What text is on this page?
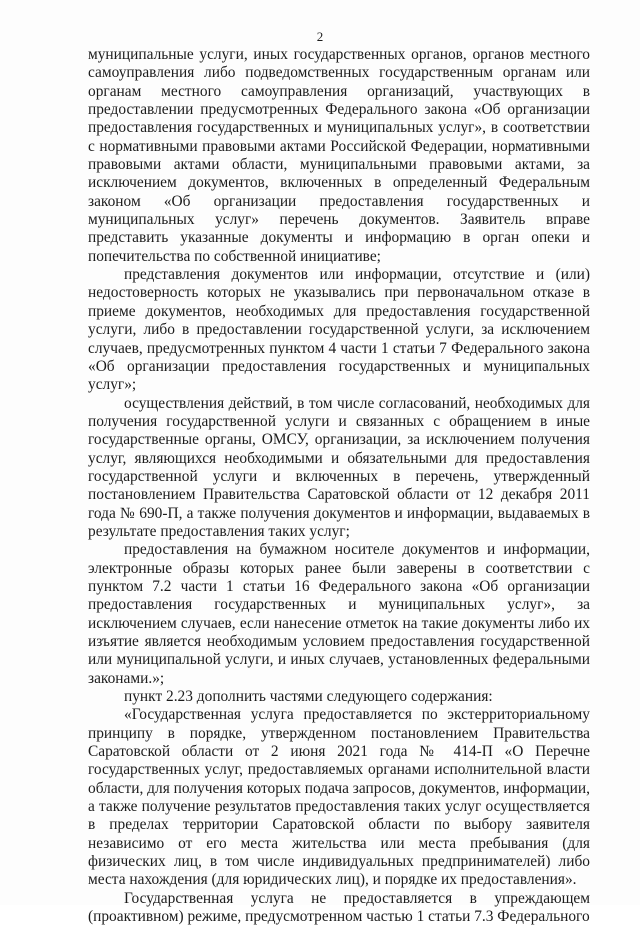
2

муниципальные услуги, иных государственных органов, органов местного самоуправления либо подведомственных государственным органам или органам местного самоуправления организаций, участвующих в предоставлении предусмотренных Федерального закона «Об организации предоставления государственных и муниципальных услуг», в соответствии с нормативными правовыми актами Российской Федерации, нормативными правовыми актами области, муниципальными правовыми актами, за исключением документов, включенных в определенный Федеральным законом «Об организации предоставления государственных и муниципальных услуг» перечень документов. Заявитель вправе представить указанные документы и информацию в орган опеки и попечительства по собственной инициативе;

представления документов или информации, отсутствие и (или) недостоверность которых не указывались при первоначальном отказе в приеме документов, необходимых для предоставления государственной услуги, либо в предоставлении государственной услуги, за исключением случаев, предусмотренных пунктом 4 части 1 статьи 7 Федерального закона «Об организации предоставления государственных и муниципальных услуг»;

осуществления действий, в том числе согласований, необходимых для получения государственной услуги и связанных с обращением в иные государственные органы, ОМСУ, организации, за исключением получения услуг, являющихся необходимыми и обязательными для предоставления государственной услуги и включенных в перечень, утвержденный постановлением Правительства Саратовской области от 12 декабря 2011 года № 690-П, а также получения документов и информации, выдаваемых в результате предоставления таких услуг;

предоставления на бумажном носителе документов и информации, электронные образы которых ранее были заверены в соответствии с пунктом 7.2 части 1 статьи 16 Федерального закона «Об организации предоставления государственных и муниципальных услуг», за исключением случаев, если нанесение отметок на такие документы либо их изъятие является необходимым условием предоставления государственной или муниципальной услуги, и иных случаев, установленных федеральными законами.»;

пункт 2.23 дополнить частями следующего содержания:

«Государственная услуга предоставляется по экстерриториальному принципу в порядке, утвержденном постановлением Правительства Саратовской области от 2 июня 2021 года № 414-П «О Перечне государственных услуг, предоставляемых органами исполнительной власти области, для получения которых подача запросов, документов, информации, а также получение результатов предоставления таких услуг осуществляется в пределах территории Саратовской области по выбору заявителя независимо от его места жительства или места пребывания (для физических лиц, в том числе индивидуальных предпринимателей) либо места нахождения (для юридических лиц), и порядке их предоставления».

Государственная услуга не предоставляется в упреждающем (проактивном) режиме, предусмотренном частью 1 статьи 7.3 Федерального
